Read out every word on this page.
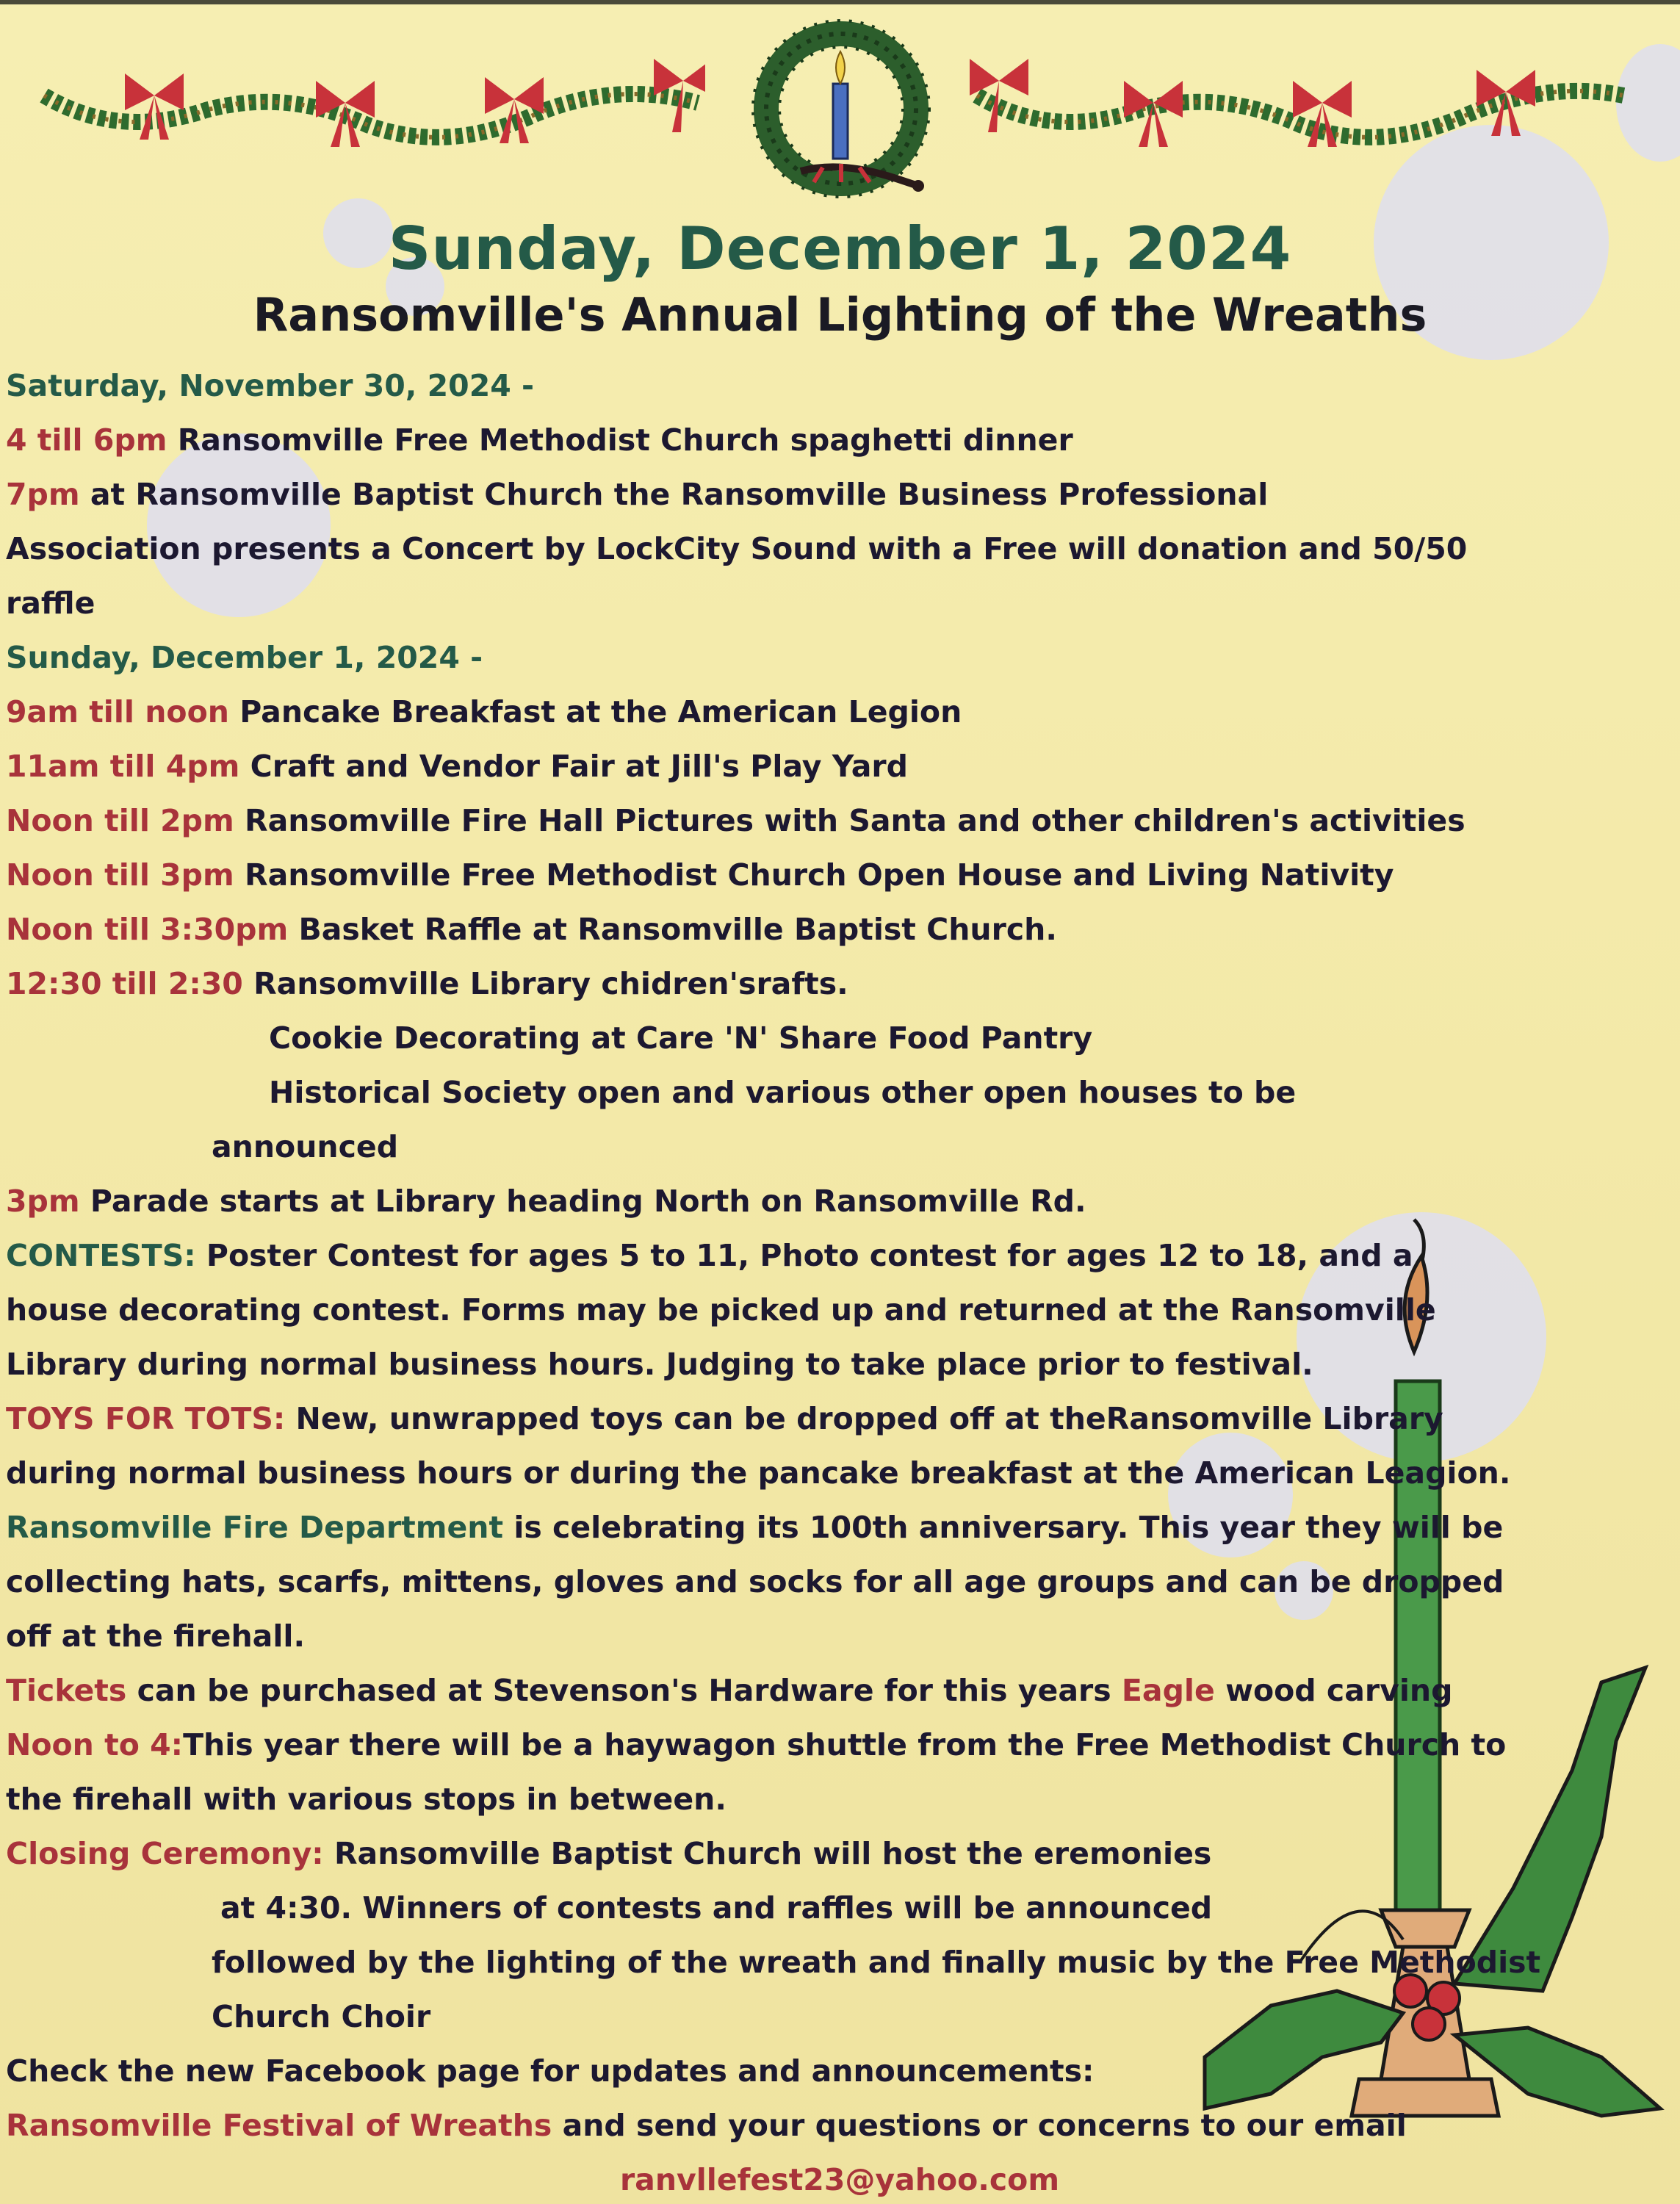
Sunday, December 1, 2024
Ransomville's Annual Lighting of the Wreaths
Saturday, November 30, 2024 -
4 till 6pm Ransomville Free Methodist Church spaghetti dinner
7pm at Ransomville Baptist Church the Ransomville Business Professional
Association presents a Concert by LockCity Sound with a Free will donation and 50/50
raffle
Sunday, December 1, 2024 -
9am till noon Pancake Breakfast at the American Legion
11am till 4pm Craft and Vendor Fair at Jill's Play Yard
Noon till 2pm Ransomville Fire Hall Pictures with Santa and other children's activities
Noon till 3pm Ransomville Free Methodist Church Open House and Living Nativity
Noon till 3:30pm Basket Raffle at Ransomville Baptist Church.
12:30 till 2:30 Ransomville Library chidren'srafts.
Cookie Decorating at Care 'N' Share Food Pantry
Historical Society open and various other open houses to be
announced
3pm Parade starts at Library heading North on Ransomville Rd.
CONTESTS: Poster Contest for ages 5 to 11, Photo contest for ages 12 to 18, and a
house decorating contest. Forms may be picked up and returned at the Ransomville
Library during normal business hours. Judging to take place prior to festival.
TOYS FOR TOTS: New, unwrapped toys can be dropped off at theRansomville Library
during normal business hours or during the pancake breakfast at the American Leagion.
Ransomville Fire Department is celebrating its 100th anniversary. This year they will be
collecting hats, scarfs, mittens, gloves and socks for all age groups and can be dropped
off at the firehall.
Tickets can be purchased at Stevenson's Hardware for this years Eagle wood carving
Noon to 4:This year there will be a haywagon shuttle from the Free Methodist Church to
the firehall with various stops in between.
Closing Ceremony: Ransomville Baptist Church will host the eremonies
at 4:30. Winners of contests and raffles will be announced
followed by the lighting of the wreath and finally music by the Free Methodist
Church Choir
Check the new Facebook page for updates and announcements:
Ransomville Festival of Wreaths and send your questions or concerns to our email
ranvllefest23@yahoo.com
